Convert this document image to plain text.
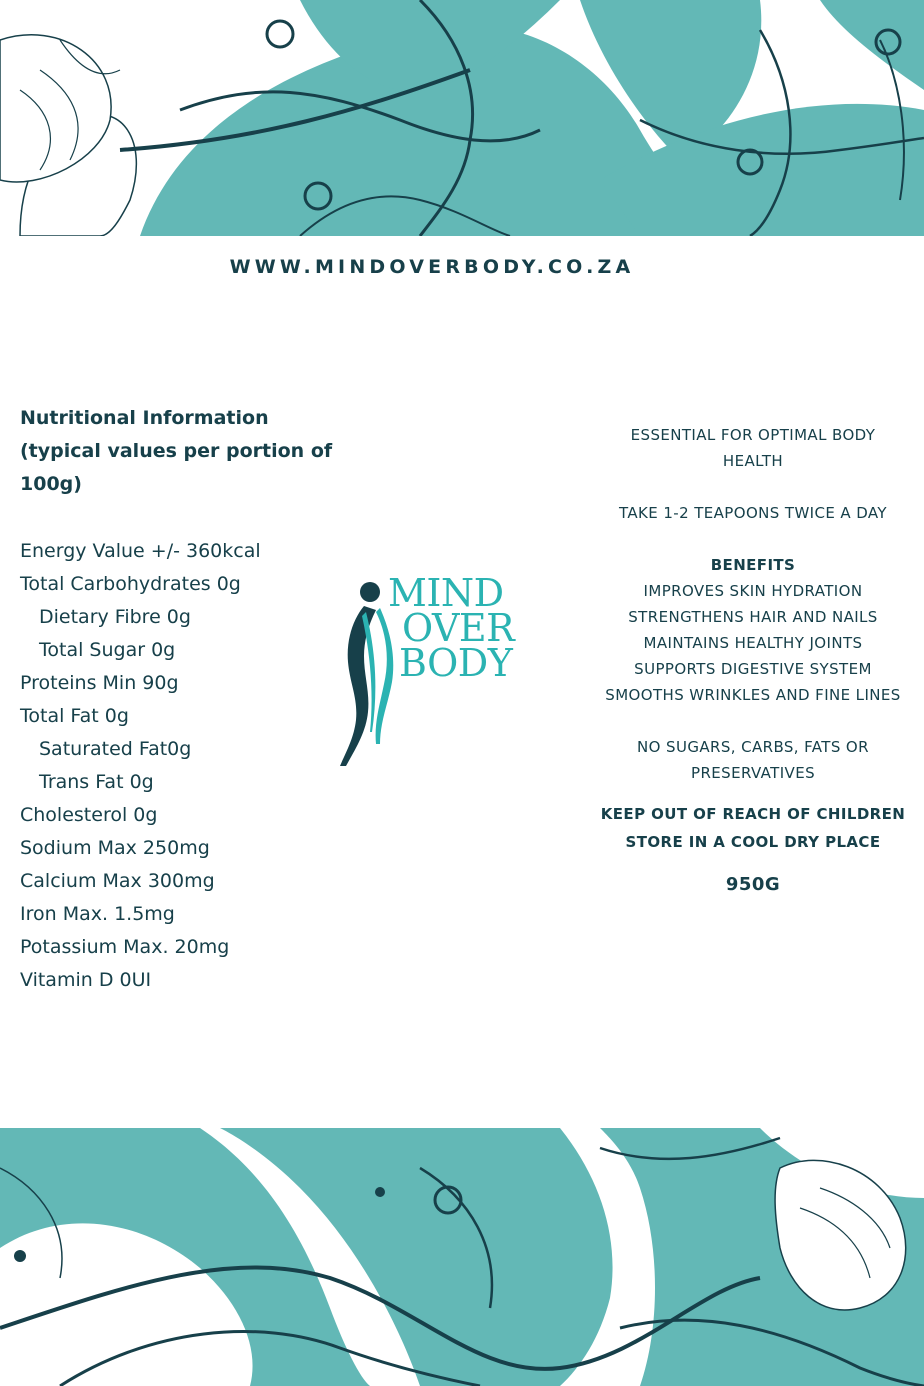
WWW.MINDOVERBODY.CO.ZA
Nutritional Information
(typical values per portion of
100g)
Energy Value +/- 360kcal
Total Carbohydrates 0g
Dietary Fibre 0g
Total Sugar 0g
Proteins Min 90g
Total Fat 0g
Saturated Fat0g
Trans Fat 0g
Cholesterol 0g
Sodium Max 250mg
Calcium Max 300mg
Iron Max. 1.5mg
Potassium Max. 20mg
Vitamin D 0UI
MIND
OVER
BODY

ESSENTIAL FOR OPTIMAL BODY

HEALTH

TAKE 1-2 TEAPOONS TWICE A DAY

BENEFITS

IMPROVES SKIN HYDRATION

STRENGTHENS HAIR AND NAILS

MAINTAINS HEALTHY JOINTS

SUPPORTS DIGESTIVE SYSTEM

SMOOTHS WRINKLES AND FINE LINES

NO SUGARS, CARBS, FATS OR

PRESERVATIVES

KEEP OUT OF REACH OF CHILDREN

STORE IN A COOL DRY PLACE

950G
